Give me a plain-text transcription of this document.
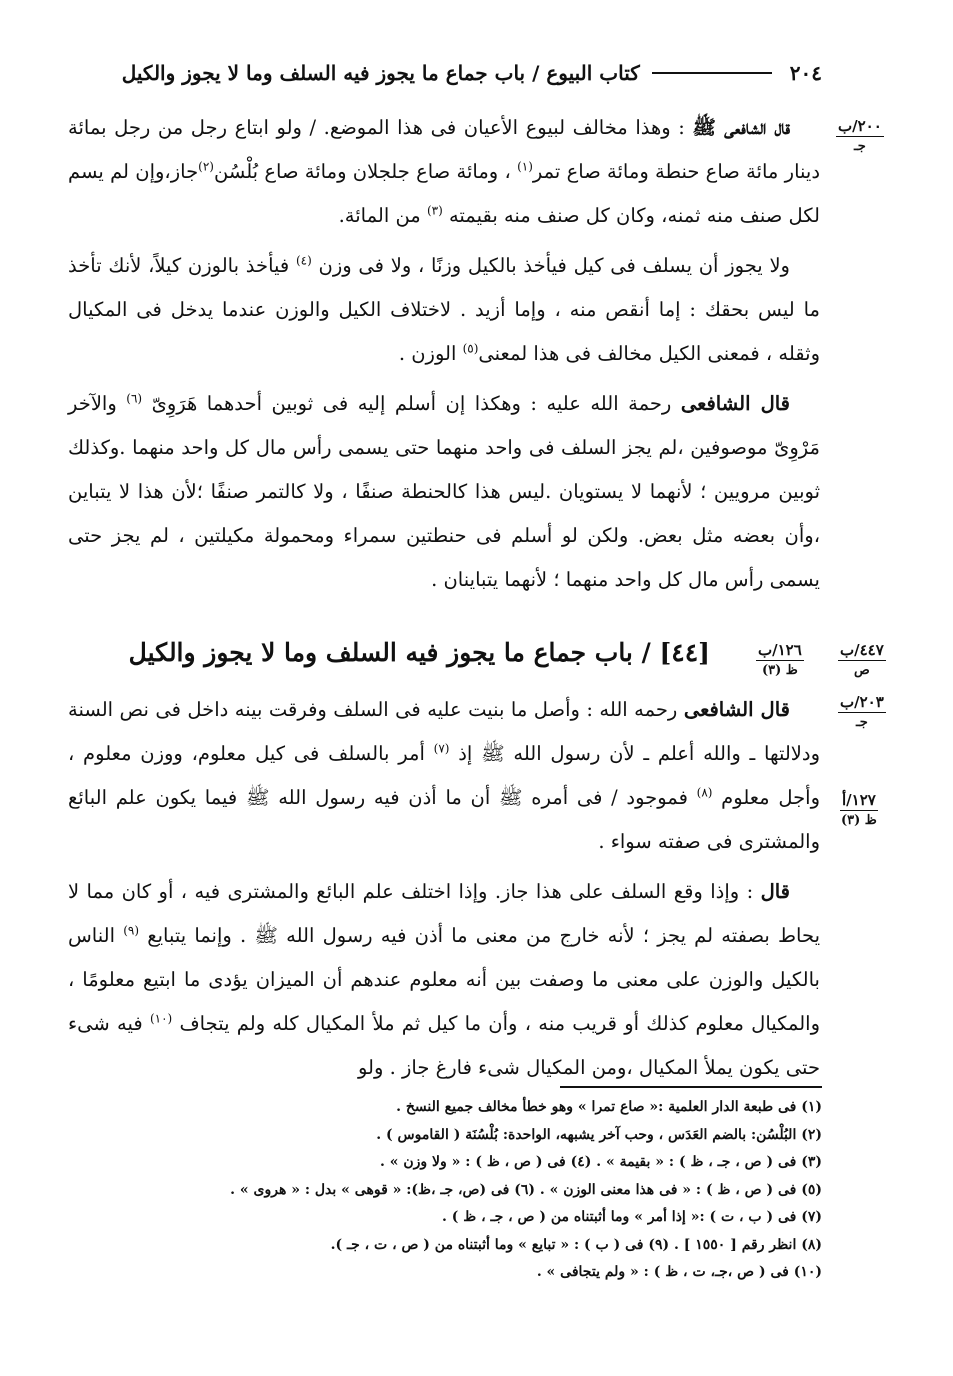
٢٠٤
كتاب البيوع / باب جماع ما يجوز فيه السلف وما لا يجوز والكيل
٢٠٠/ب
جـ
١٢٦/ب
ظ (٣)
٤٤٧/ب
ص
٢٠٣/ب
جـ
١٢٧/أ
ظ (٣)

قال الشافعى ﷺ : وهذا مخالف لبيوع الأعيان فى هذا الموضع. / ولو ابتاع رجل من رجل بمائة دينار مائة صاع حنطة ومائة صاع تمر$^{(١)}$ ، ومائة صاع جلجلان ومائة صاع بُلْسُن$^{(٢)}$جاز،وإن لم يسم لكل صنف منه ثمنه، وكان كل صنف منه بقيمته $^{(٣)}$ من المائة.

ولا يجوز أن يسلف فى كيل فيأخذ بالكيل وزنًا ، ولا فى وزن $^{(٤)}$ فيأخذ بالوزن كيلاً، لأنك تأخذ ما ليس بحقك : إما أنقص منه ، وإما أزيد . لاختلاف الكيل والوزن عندما يدخل فى المكيال وثقله ، فمعنى الكيل مخالف فى هذا لمعنى$^{(٥)}$ الوزن .

قال الشافعى رحمة الله عليه : وهكذا إن أسلم إليه فى ثوبين أحدهما هَرَوِىّ $^{(٦)}$ والآخر مَرْوِىّ موصوفين ،لم يجز السلف فى واحد منهما حتى يسمى رأس مال كل واحد منهما .وكذلك ثوبين مرويين ؛ لأنهما لا يستويان .ليس هذا كالحنطة صنفًا ، ولا كالتمر صنفًا ؛لأن هذا لا يتباين ،وأن بعضه مثل بعض. ولكن لو أسلم فى حنطتين سمراء ومحمولة مكيلتين ، لم يجز حتى يسمى رأس مال كل واحد منهما ؛ لأنهما يتباينان .

[٤٤] / باب جماع ما يجوز فيه السلف وما لا يجوز والكيل

قال الشافعى رحمه الله : وأصل ما بنيت عليه فى السلف وفرقت بينه داخل فى نص السنة ودلالتها ـ والله أعلم ـ لأن رسول الله ﷺ إذ $^{(٧)}$ أمر بالسلف فى كيل معلوم، ووزن معلوم ، وأجل معلوم $^{(٨)}$ فموجود / فى أمره ﷺ أن ما أذن فيه رسول الله ﷺ فيما يكون علم البائع والمشترى فى صفته سواء .

قال : وإذا وقع السلف على هذا جاز. وإذا اختلف علم البائع والمشترى فيه ، أو كان مما لا يحاط بصفته لم يجز ؛ لأنه خارج من معنى ما أذن فيه رسول الله ﷺ . وإنما يتبايع $^{(٩)}$ الناس بالكيل والوزن على معنى ما وصفت بين أنه معلوم عندهم أن الميزان يؤدى ما ابتيع معلومًا ، والمكيال معلوم كذلك أو قريب منه ، وأن ما كيل ثم ملأ المكيال كله ولم يتجاف $^{(١٠)}$ فيه شىء حتى يكون يملأ المكيال ،ومن المكيال شىء فارغ جاز . ولو

(١) فى طبعة الدار العلمية :« صاع تمرا » وهو خطأ مخالف جميع النسخ .
(٢) البُلْسُن: بالضم العَدَس ، وحب آخر يشبهه، الواحدة: بُلْسُنَة ( القاموس ) .
(٣) فى ( ص ، جـ ، ظ ) : « بقيمة » . (٤) فى ( ص ، ظ ) : « ولا وزن » .
(٥) فى ( ص ، ظ ) : « فى هذا معنى الوزن » . (٦) فى (ص، جـ ،ظ): « قوهى » بدل : « هروى » .
(٧) فى ( ب ، ت ) :« إذا أمر » وما أثبتناه من ( ص ، جـ ، ظ ) .
(٨) انظر رقم [ ١٥٥٠ ] . (٩) فى ( ب ) : « تبايع » وما أثبتناه من ( ص ، ت ، جـ ).
(١٠) فى ( ص ،جـ، ت ، ظ ) : « ولم يتجافى » .
